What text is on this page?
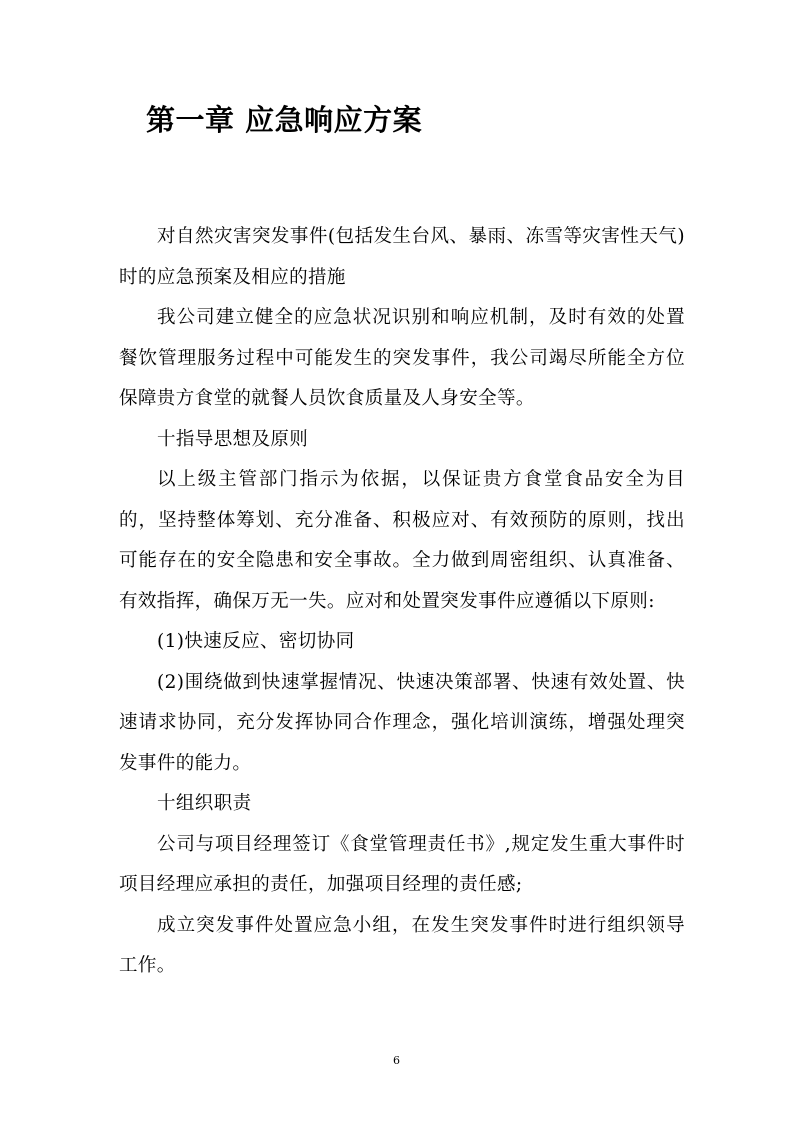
第一章 应急响应方案

对自然灾害突发事件(包括发生台风、暴雨、冻雪等灾害性天气)时的应急预案及相应的措施

我公司建立健全的应急状况识别和响应机制，及时有效的处置餐饮管理服务过程中可能发生的突发事件，我公司竭尽所能全方位保障贵方食堂的就餐人员饮食质量及人身安全等。

十指导思想及原则

以上级主管部门指示为依据，以保证贵方食堂食品安全为目的，坚持整体筹划、充分准备、积极应对、有效预防的原则，找出可能存在的安全隐患和安全事故。全力做到周密组织、认真准备、有效指挥，确保万无一失。应对和处置突发事件应遵循以下原则:

(1)快速反应、密切协同

(2)围绕做到快速掌握情况、快速决策部署、快速有效处置、快速请求协同，充分发挥协同合作理念，强化培训演练，增强处理突发事件的能力。

十组织职责

公司与项目经理签订《食堂管理责任书》,规定发生重大事件时项目经理应承担的责任，加强项目经理的责任感;

成立突发事件处置应急小组，在发生突发事件时进行组织领导工作。

6
